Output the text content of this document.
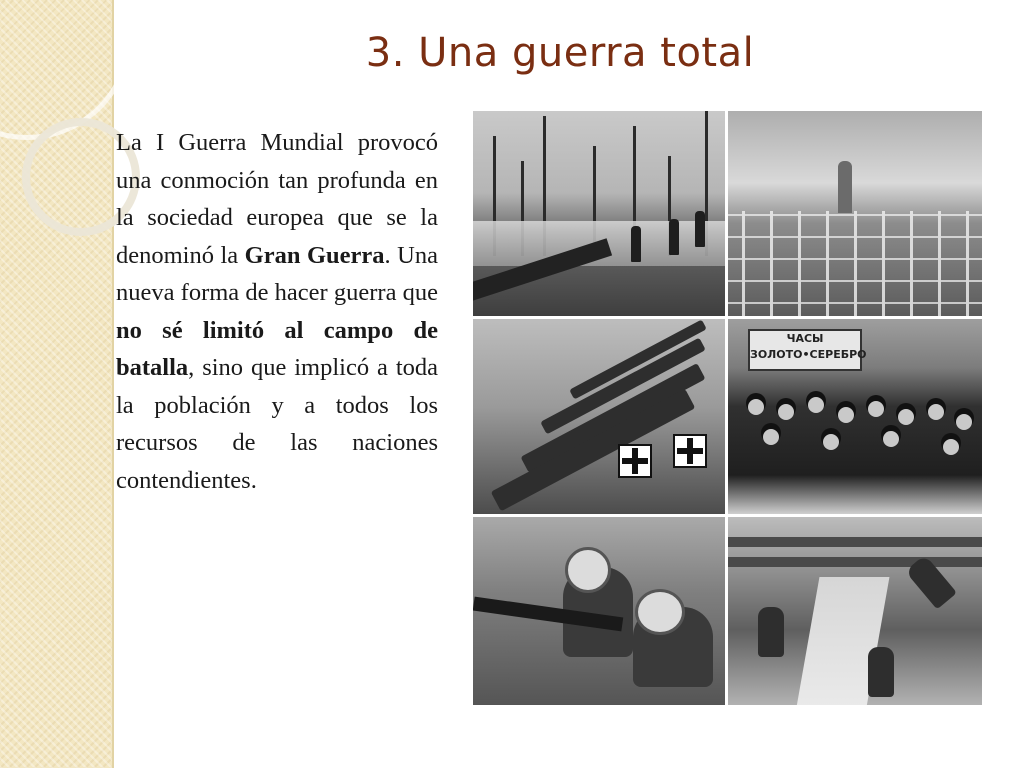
3. Una guerra total

La I Guerra Mundial provocó una conmoción tan profunda en la sociedad europea que se la denominó la Gran Guerra. Una nueva forma de hacer guerra que no sé limitó al campo de batalla, sino que implicó a toda la población y a todos los recursos de las naciones contendientes.

ЧАСЫ
ЗОЛОТО•СЕРЕБРО
